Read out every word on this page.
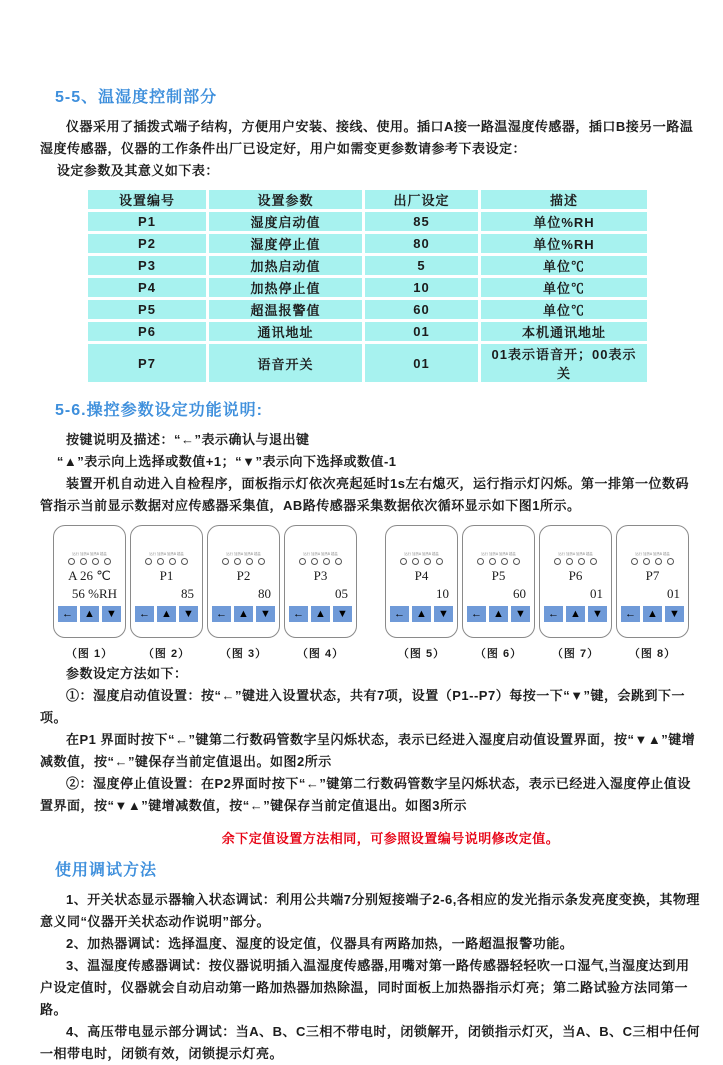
5-5、温湿度控制部分

仪器采用了插拨式端子结构，方便用户安装、接线、使用。插口A接一路温湿度传感器，插口B接另一路温湿度传感器，仪器的工作条件出厂已设定好，用户如需变更参数请参考下表设定：

设定参数及其意义如下表：

设置编号	设置参数	出厂设定	描述
P1	湿度启动值	85	单位%RH
P2	湿度停止值	80	单位%RH
P3	加热启动值	5	单位℃
P4	加热停止值	10	单位℃
P5	超温报警值	60	单位℃
P6	通讯地址	01	本机通讯地址
P7	语音开关	01	01表示语音开；00表示关
5-6.操控参数设定功能说明:

按键说明及描述：“←”表示确认与退出键

“▲”表示向上选择或数值+1；“▼”表示向下选择或数值-1

装置开机自动进入自检程序，面板指示灯依次亮起延时1s左右熄灭，运行指示灯闪烁。第一排第一位数码管指示当前显示数据对应传感器采集值，AB路传感器采集数据依次循环显示如下图1所示。

运行 加热A 加热B 超温
A 26 ℃
56 %RH
←	▲	▼
（图 1）
运行 加热A 加热B 超温
P1
85
←	▲	▼
（图 2）
运行 加热A 加热B 超温
P2
80
←	▲	▼
（图 3）
运行 加热A 加热B 超温
P3
05
←	▲	▼
（图 4）
运行 加热A 加热B 超温
P4
10
←	▲	▼
（图 5）
运行 加热A 加热B 超温
P5
60
←	▲	▼
（图 6）
运行 加热A 加热B 超温
P6
01
←	▲	▼
（图 7）
运行 加热A 加热B 超温
P7
01
←	▲	▼
（图 8）

参数设定方法如下：

①：湿度启动值设置：按“←”键进入设置状态，共有7项，设置（P1--P7）每按一下“▼”键，会跳到下一项。

在P1 界面时按下“←”键第二行数码管数字呈闪烁状态，表示已经进入湿度启动值设置界面，按“▼▲”键增减数值，按“←”键保存当前定值退出。如图2所示

②：湿度停止值设置：在P2界面时按下“←”键第二行数码管数字呈闪烁状态，表示已经进入湿度停止值设置界面，按“▼▲”键增减数值，按“←”键保存当前定值退出。如图3所示

余下定值设置方法相同，可参照设置编号说明修改定值。

使用调试方法

1、开关状态显示器输入状态调试：利用公共端7分别短接端子2-6,各相应的发光指示条发亮度变换，其物理意义同“仪器开关状态动作说明”部分。

2、加热器调试：选择温度、湿度的设定值，仪器具有两路加热，一路超温报警功能。

3、温湿度传感器调试：按仪器说明插入温湿度传感器,用嘴对第一路传感器轻轻吹一口湿气,当湿度达到用户设定值时，仪器就会自动启动第一路加热器加热除温，同时面板上加热器指示灯亮；第二路试验方法同第一路。

4、高压带电显示部分调试：当A、B、C三相不带电时，闭锁解开，闭锁指示灯灭，当A、B、C三相中任何一相带电时，闭锁有效，闭锁提示灯亮。
